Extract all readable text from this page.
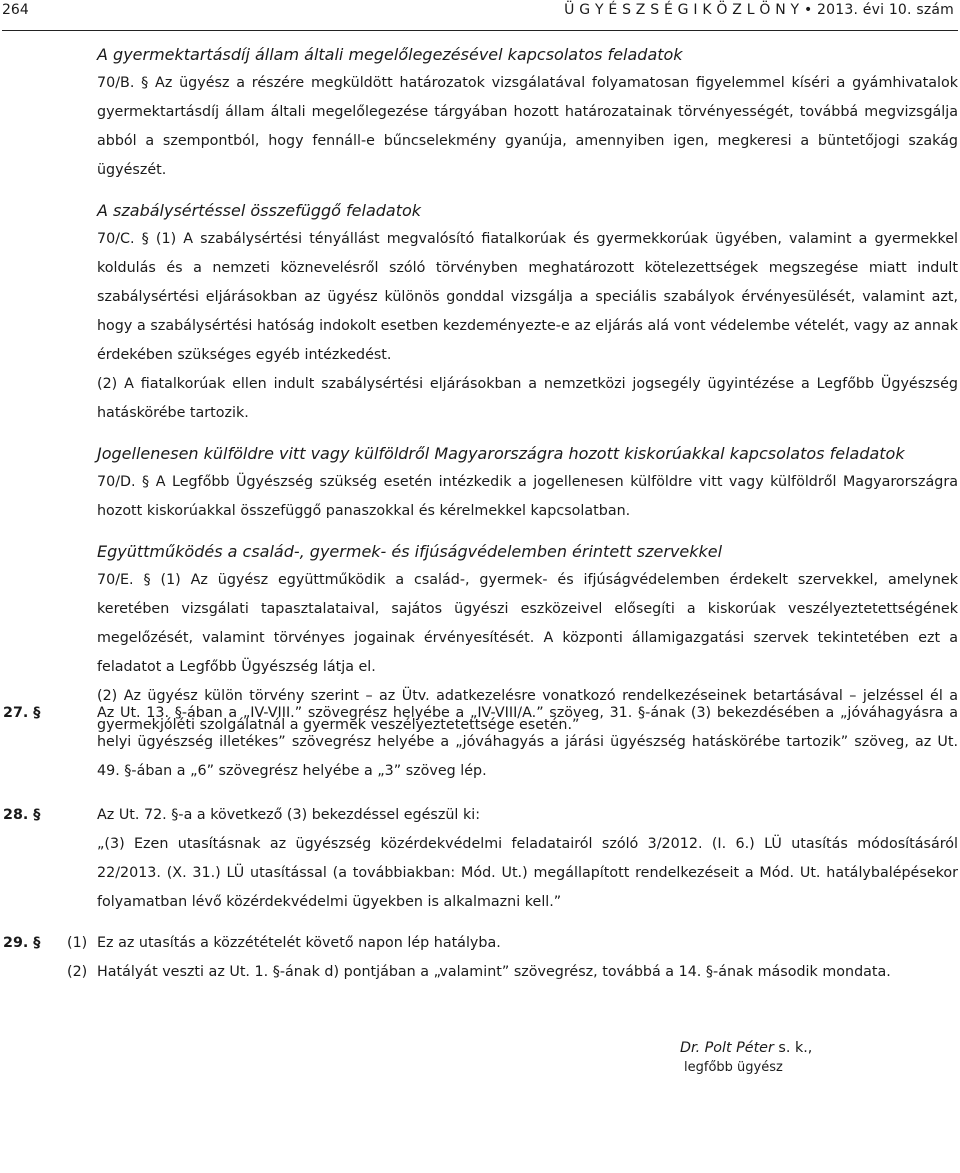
264	Ü G Y É S Z S É G I K Ö Z L Ö N Y • 2013. évi 10. szám
A gyermektartásdíj állam általi megelőlegezésével kapcsolatos feladatok

70/B. § Az ügyész a részére megküldött határozatok vizsgálatával folyamatosan figyelemmel kíséri a gyámhivatalok gyermektartásdíj állam általi megelőlegezése tárgyában hozott határozatainak törvényességét, továbbá megvizsgálja abból a szempontból, hogy fennáll-e bűncselekmény gyanúja, amennyiben igen, megkeresi a büntetőjogi szakág ügyészét.

A szabálysértéssel összefüggő feladatok

70/C. § (1) A szabálysértési tényállást megvalósító fiatalkorúak és gyermekkorúak ügyében, valamint a gyermekkel koldulás és a nemzeti köznevelésről szóló törvényben meghatározott kötelezettségek megszegése miatt indult szabálysértési eljárásokban az ügyész különös gonddal vizsgálja a speciális szabályok érvényesülését, valamint azt, hogy a szabálysértési hatóság indokolt esetben kezdeményezte-e az eljárás alá vont védelembe vételét, vagy az annak érdekében szükséges egyéb intézkedést.

(2) A fiatalkorúak ellen indult szabálysértési eljárásokban a nemzetközi jogsegély ügyintézése a Legfőbb Ügyészség hatáskörébe tartozik.

Jogellenesen külföldre vitt vagy külföldről Magyarországra hozott kiskorúakkal kapcsolatos feladatok

70/D. § A Legfőbb Ügyészség szükség esetén intézkedik a jogellenesen külföldre vitt vagy külföldről Magyarországra hozott kiskorúakkal összefüggő panaszokkal és kérelmekkel kapcsolatban.

Együttműködés a család-, gyermek- és ifjúságvédelemben érintett szervekkel

70/E. § (1) Az ügyész együttműködik a család-, gyermek- és ifjúságvédelemben érdekelt szervekkel, amelynek keretében vizsgálati tapasztalataival, sajátos ügyészi eszközeivel elősegíti a kiskorúak veszélyeztetettségének megelőzését, valamint törvényes jogainak érvényesítését. A központi államigazgatási szervek tekintetében ezt a feladatot a Legfőbb Ügyészség látja el.

(2) Az ügyész külön törvény szerint – az Ütv. adatkezelésre vonatkozó rendelkezéseinek betartásával – jelzéssel él a gyermekjóléti szolgálatnál a gyermek veszélyeztetettsége esetén.”

27. §	Az Ut. 13. §-ában a „IV-VIII.” szövegrész helyébe a „IV-VIII/A.” szöveg, 31. §-ának (3) bekezdésében a „jóváhagyásra a helyi ügyészség illetékes” szövegrész helyébe a „jóváhagyás a járási ügyészség hatáskörébe tartozik” szöveg, az Ut. 49. §-ában a „6” szövegrész helyébe a „3” szöveg lép.
28. §	Az Ut. 72. §-a a következő (3) bekezdéssel egészül ki:
„(3) Ezen utasításnak az ügyészség közérdekvédelmi feladatairól szóló 3/2012. (I. 6.) LÜ utasítás módosításáról 22/2013. (X. 31.) LÜ utasítással (a továbbiakban: Mód. Ut.) megállapított rendelkezéseit a Mód. Ut. hatálybalépésekor folyamatban lévő közérdekvédelmi ügyekben is alkalmazni kell.”
29. § (1) Ez az utasítás a közzétételét követő napon lép hatályba.
(2) Hatályát veszti az Ut. 1. §-ának d) pontjában a „valamint” szövegrész, továbbá a 14. §-ának második mondata.
Dr. Polt Péter s. k.,
legfőbb ügyész
